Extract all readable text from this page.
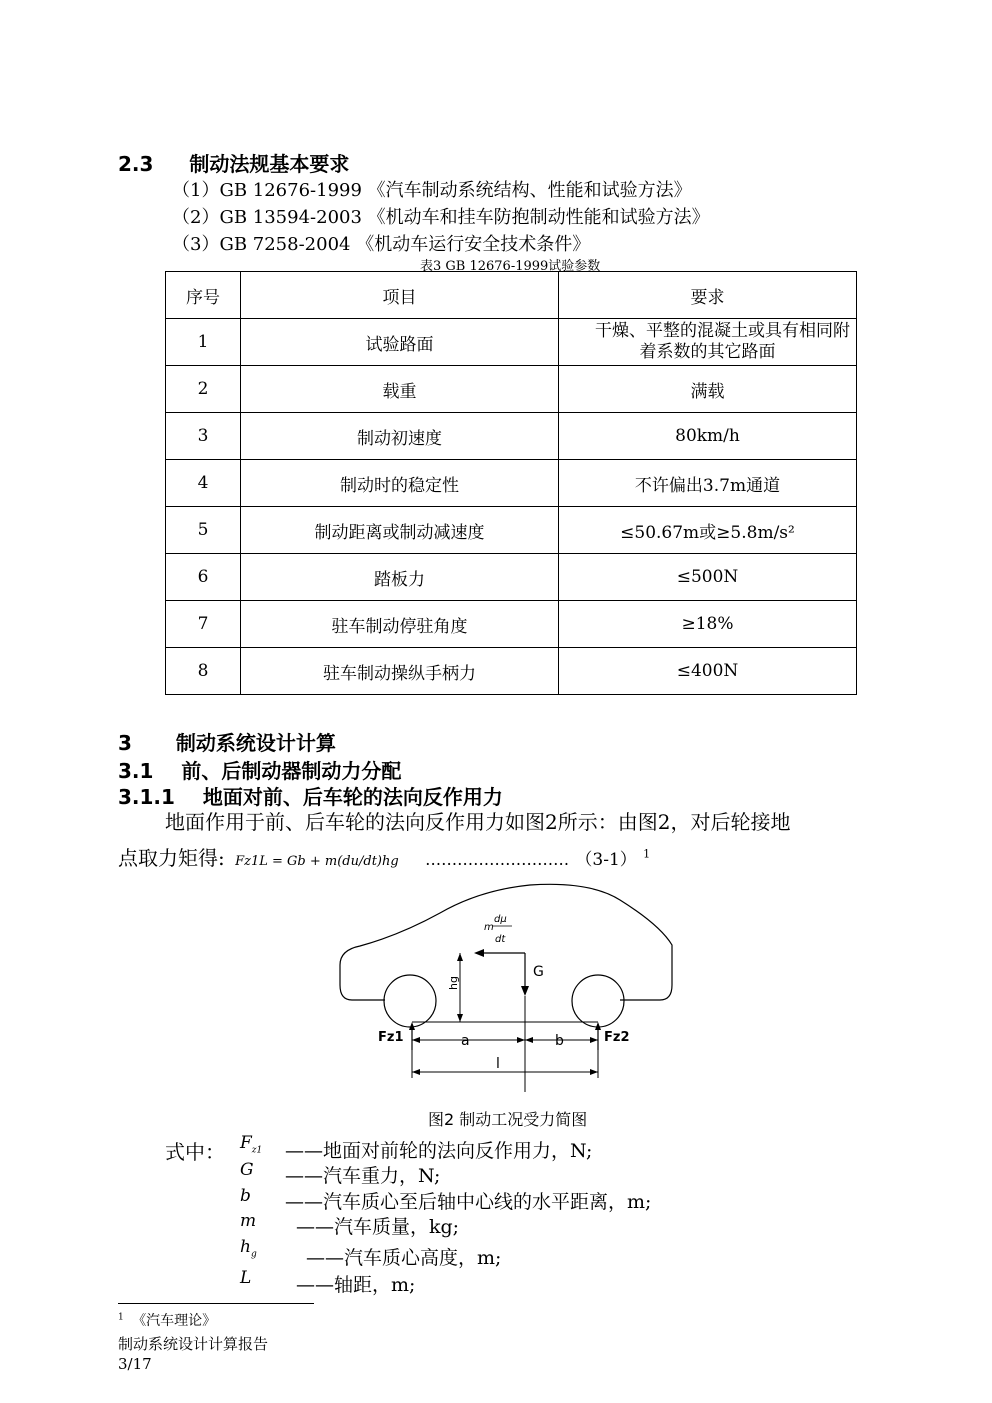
2.3 制动法规基本要求
（1）GB 12676-1999 《汽车制动系统结构、性能和试验方法》
（2）GB 13594-2003 《机动车和挂车防抱制动性能和试验方法》
（3）GB 7258-2004 《机动车运行安全技术条件》
表3 GB 12676-1999试验参数
序号	项目	要求
1	试验路面	干燥、平整的混凝土或具有相同附着系数的其它路面
2	载重	满载
3	制动初速度	80km/h
4	制动时的稳定性	不许偏出3.7m通道
5	制动距离或制动减速度	≤50.67m或≥5.8m/s²
6	踏板力	≤500N
7	驻车制动停驻角度	≥18%
8	驻车制动操纵手柄力	≤400N
3 制动系统设计计算
3.1 前、后制动器制动力分配
3.1.1 地面对前、后车轮的法向反作用力
地面作用于前、后车轮的法向反作用力如图2所示：由图2，对后轮接地
点取力矩得: Fz1L = Gb + m(du/dt)hg ……………………… （3-1） $^1$
m
dμ
dt
G
hg
Fz1	Fz2
a	b
l
图2 制动工况受力简图
式中： $F_{z1}$ ——地面对前轮的法向反作用力，N;
G ——汽车重力，N;
b ——汽车质心至后轴中心线的水平距离，m;
m ——汽车质量，kg;
$h_g$	——汽车质心高度，m;
L ——轴距，m;
$^1$ 《汽车理论》
制动系统设计计算报告
3/17
